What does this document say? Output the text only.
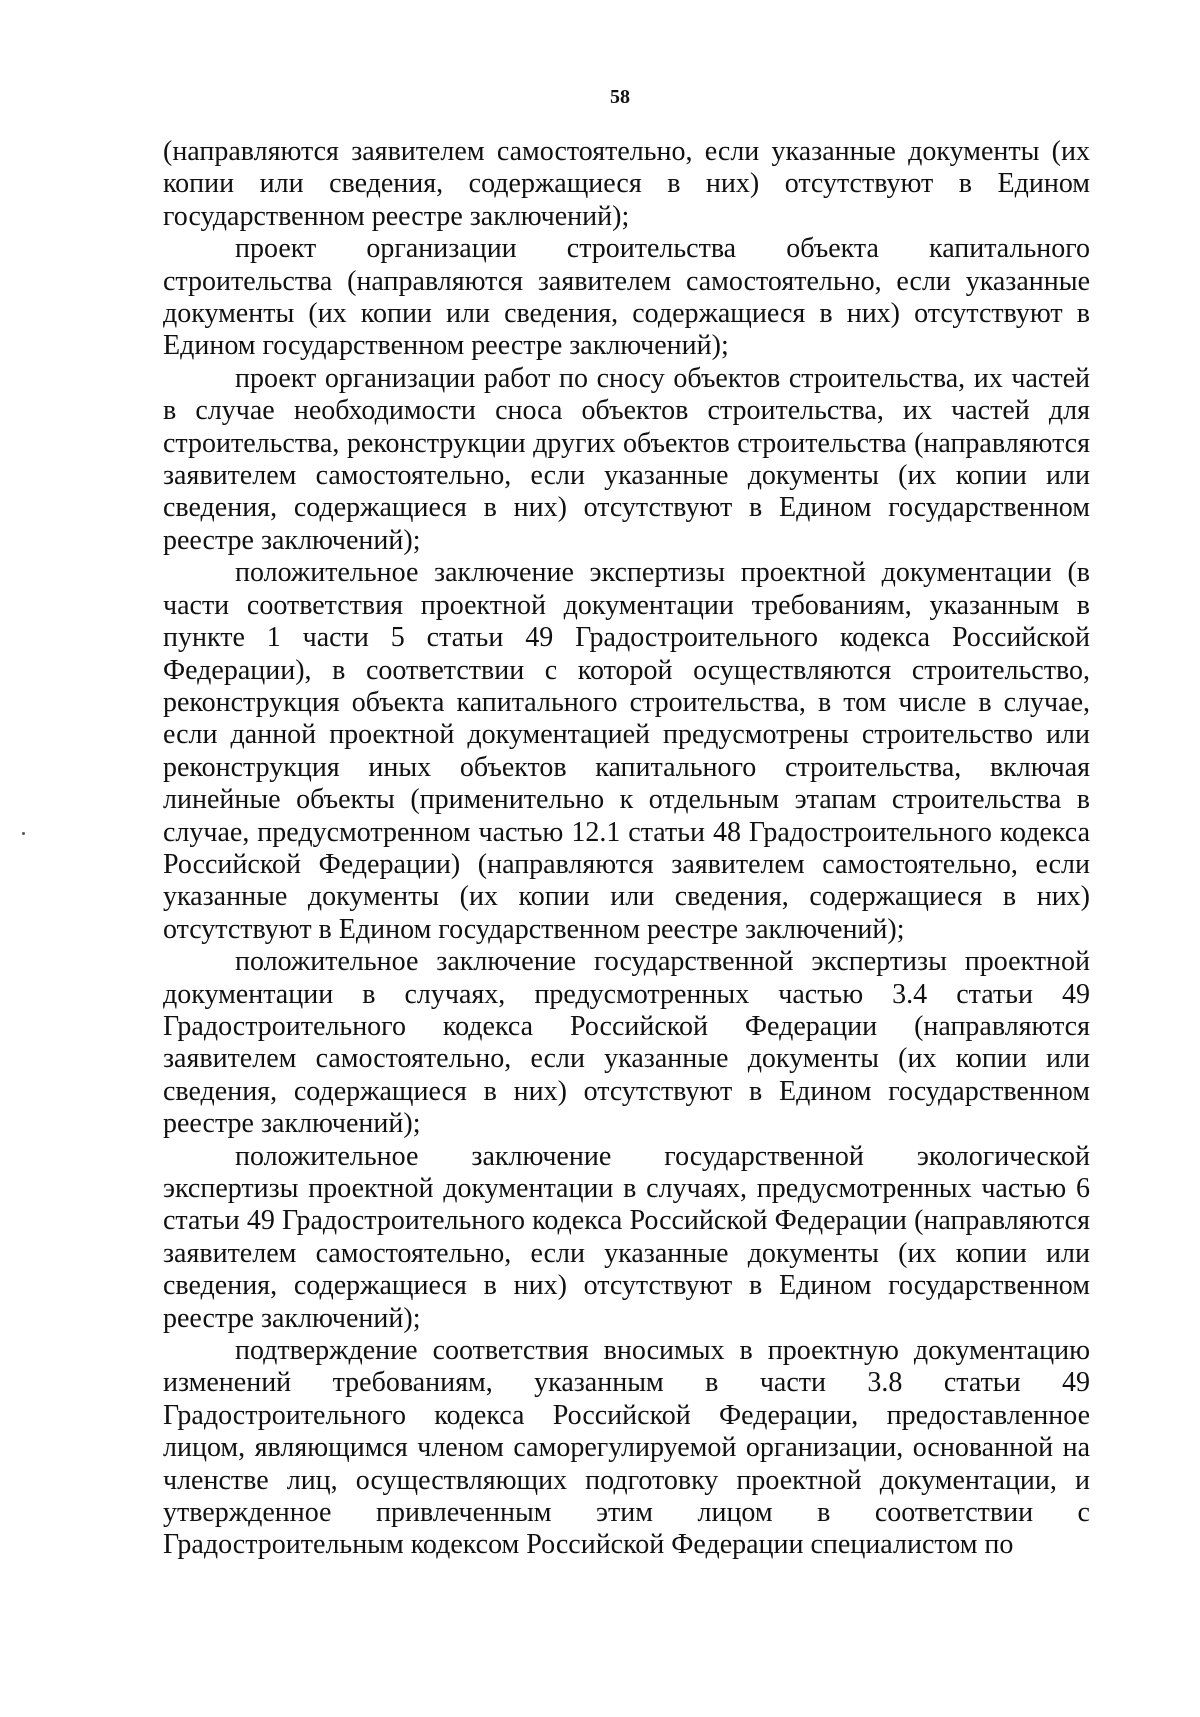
58

(направляются заявителем самостоятельно, если указанные документы (их копии или сведения, содержащиеся в них) отсутствуют в Едином государственном реестре заключений);

проект организации строительства объекта капитального строительства (направляются заявителем самостоятельно, если указанные документы (их копии или сведения, содержащиеся в них) отсутствуют в Едином государственном реестре заключений);

проект организации работ по сносу объектов строительства, их частей в случае необходимости сноса объектов строительства, их частей для строительства, реконструкции других объектов строительства (направляются заявителем самостоятельно, если указанные документы (их копии или сведения, содержащиеся в них) отсутствуют в Едином государственном реестре заключений);

положительное заключение экспертизы проектной документации (в части соответствия проектной документации требованиям, указанным в пункте 1 части 5 статьи 49 Градостроительного кодекса Российской Федерации), в соответствии с которой осуществляются строительство, реконструкция объекта капитального строительства, в том числе в случае, если данной проектной документацией предусмотрены строительство или реконструкция иных объектов капитального строительства, включая линейные объекты (применительно к отдельным этапам строительства в случае, предусмотренном частью 12.1 статьи 48 Градостроительного кодекса Российской Федерации) (направляются заявителем самостоятельно, если указанные документы (их копии или сведения, содержащиеся в них) отсутствуют в Едином государственном реестре заключений);

положительное заключение государственной экспертизы проектной документации в случаях, предусмотренных частью 3.4 статьи 49 Градостроительного кодекса Российской Федерации (направляются заявителем самостоятельно, если указанные документы (их копии или сведения, содержащиеся в них) отсутствуют в Едином государственном реестре заключений);

положительное заключение государственной экологической экспертизы проектной документации в случаях, предусмотренных частью 6 статьи 49 Градостроительного кодекса Российской Федерации (направляются заявителем самостоятельно, если указанные документы (их копии или сведения, содержащиеся в них) отсутствуют в Едином государственном реестре заключений);

подтверждение соответствия вносимых в проектную документацию изменений требованиям, указанным в части 3.8 статьи 49 Градостроительного кодекса Российской Федерации, предоставленное лицом, являющимся членом саморегулируемой организации, основанной на членстве лиц, осуществляющих подготовку проектной документации, и утвержденное привлеченным этим лицом в соответствии с Градостроительным кодексом Российской Федерации специалистом по
